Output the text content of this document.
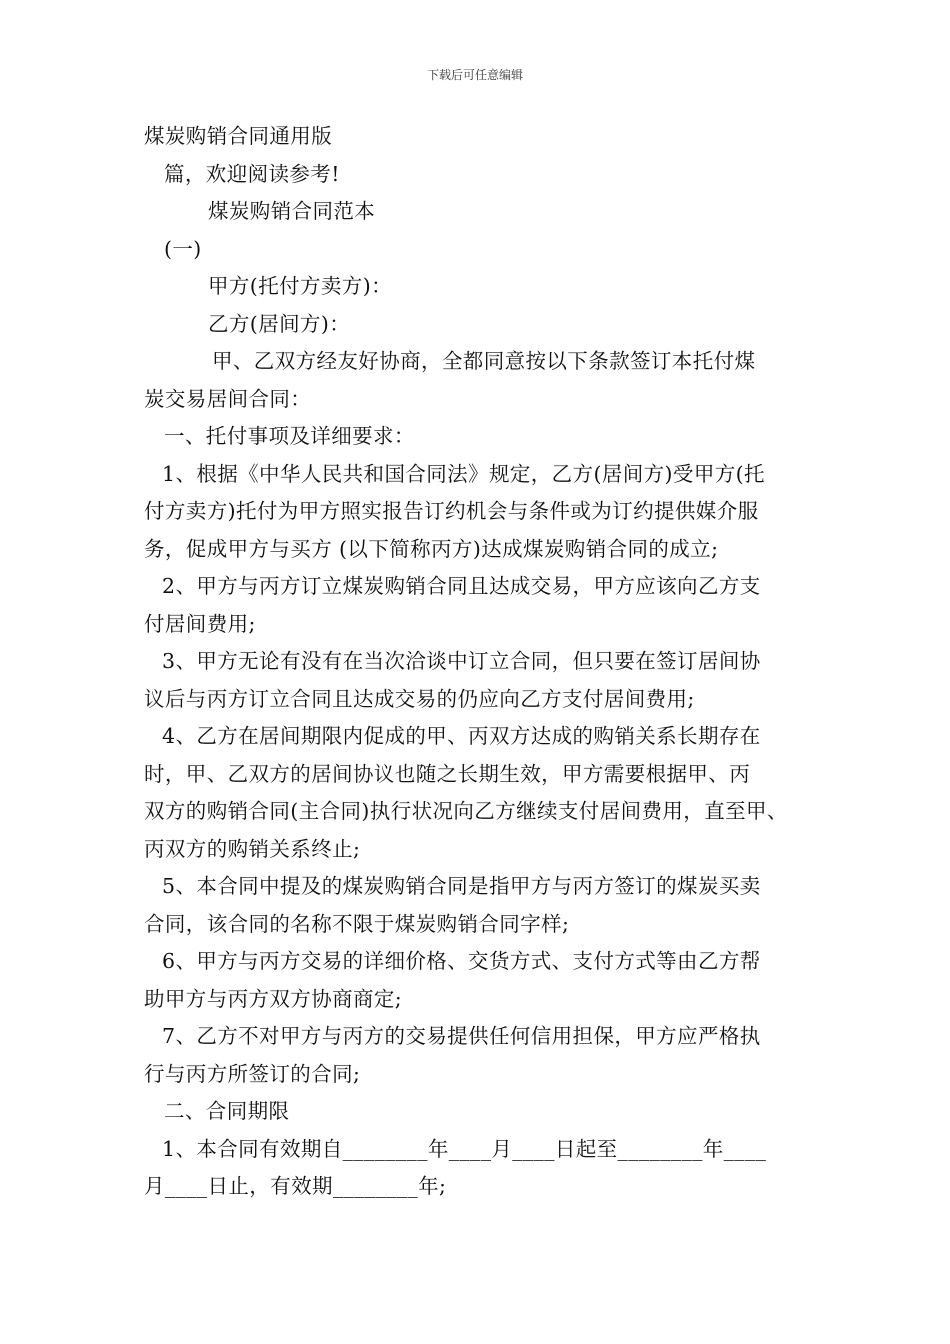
下载后可任意编辑
煤炭购销合同通用版
篇，欢迎阅读参考!
煤炭购销合同范本
(一)
甲方(托付方卖方)：
乙方(居间方)：
甲、乙双方经友好协商，全都同意按以下条款签订本托付煤
炭交易居间合同：
一、托付事项及详细要求：
1、根据《中华人民共和国合同法》规定，乙方(居间方)受甲方(托
付方卖方)托付为甲方照实报告订约机会与条件或为订约提供媒介服
务，促成甲方与买方 (以下简称丙方)达成煤炭购销合同的成立;
2、甲方与丙方订立煤炭购销合同且达成交易，甲方应该向乙方支
付居间费用;
3、甲方无论有没有在当次洽谈中订立合同，但只要在签订居间协
议后与丙方订立合同且达成交易的仍应向乙方支付居间费用;
4、乙方在居间期限内促成的甲、丙双方达成的购销关系长期存在
时，甲、乙双方的居间协议也随之长期生效，甲方需要根据甲、丙
双方的购销合同(主合同)执行状况向乙方继续支付居间费用，直至甲、
丙双方的购销关系终止;
5、本合同中提及的煤炭购销合同是指甲方与丙方签订的煤炭买卖
合同，该合同的名称不限于煤炭购销合同字样;
6、甲方与丙方交易的详细价格、交货方式、支付方式等由乙方帮
助甲方与丙方双方协商商定;
7、乙方不对甲方与丙方的交易提供任何信用担保，甲方应严格执
行与丙方所签订的合同;
二、合同期限
1、本合同有效期自________年____月____日起至________年____
月____日止，有效期________年;
